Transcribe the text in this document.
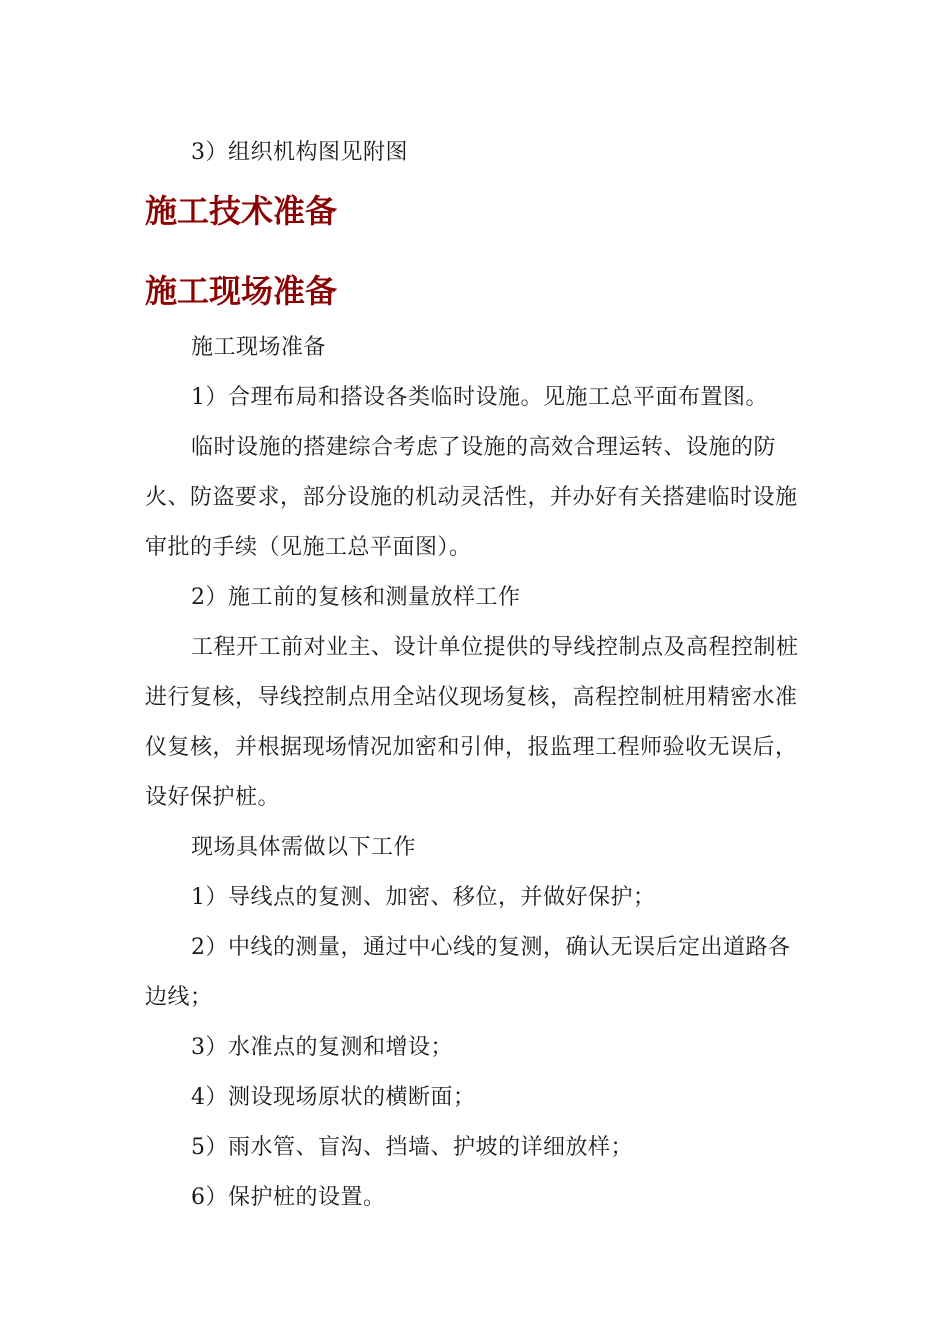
3）组织机构图见附图

施工技术准备
施工现场准备

施工现场准备

1）合理布局和搭设各类临时设施。见施工总平面布置图。

临时设施的搭建综合考虑了设施的高效合理运转、设施的防火、防盗要求，部分设施的机动灵活性，并办好有关搭建临时设施审批的手续（见施工总平面图）。

2）施工前的复核和测量放样工作

工程开工前对业主、设计单位提供的导线控制点及高程控制桩进行复核，导线控制点用全站仪现场复核，高程控制桩用精密水准仪复核，并根据现场情况加密和引伸，报监理工程师验收无误后，设好保护桩。

现场具体需做以下工作

1）导线点的复测、加密、移位，并做好保护；

2）中线的测量，通过中心线的复测，确认无误后定出道路各边线；

3）水准点的复测和增设；

4）测设现场原状的横断面；

5）雨水管、盲沟、挡墙、护坡的详细放样；

6）保护桩的设置。
